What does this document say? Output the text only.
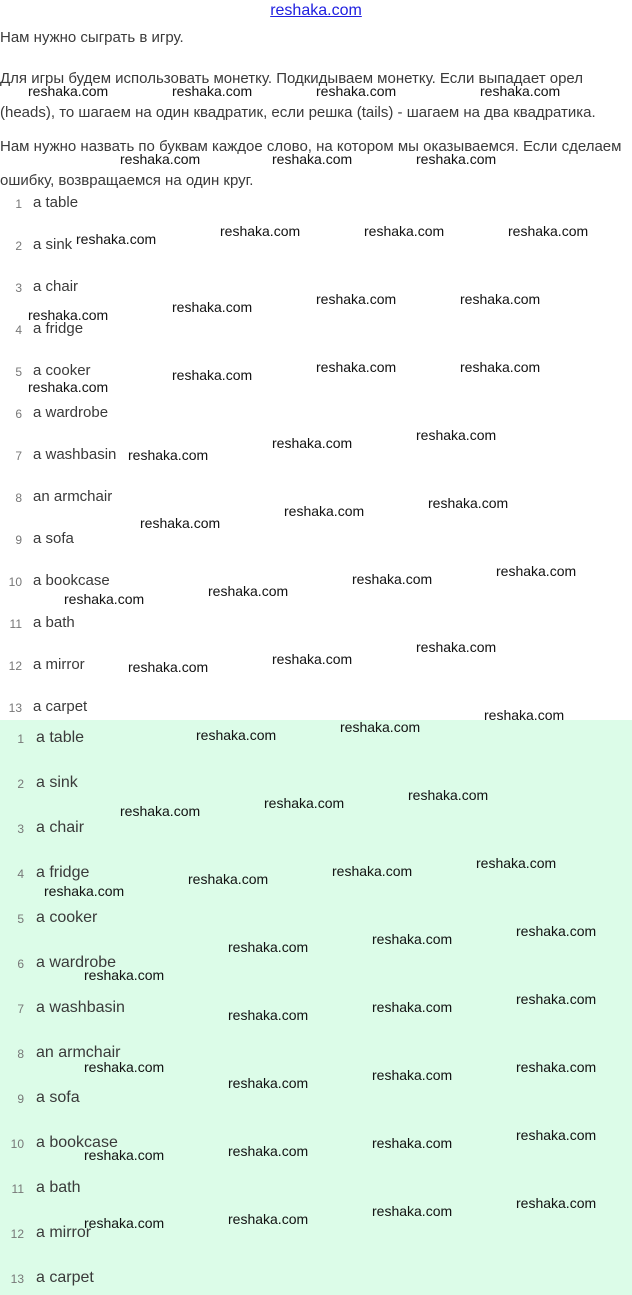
reshaka.com

Нам нужно сыграть в игру.

Для игры будем использовать монетку. Подкидываем монетку. Если выпадает орел (heads), то шагаем на один квадратик, если решка (tails) - шагаем на два квадратика. Нам нужно назвать по буквам каждое слово, на котором мы оказываемся. Если сделаем ошибку, возвращаемся на один круг.

1 a table
2 a sink
3 a chair
4 a fridge
5 a cooker
6 a wardrobe
7 a washbasin
8 an armchair
9 a sofa
10 a bookcase
11 a bath
12 a mirror
13 a carpet
1 a table
2 a sink
3 a chair
4 a fridge
5 a cooker
6 a wardrobe
7 a washbasin
8 an armchair
9 a sofa
10 a bookcase
11 a bath
12 a mirror
13 a carpet
reshaka.com	reshaka.com	reshaka.com	reshaka.com
reshaka.com	reshaka.com	reshaka.com
reshaka.com	reshaka.com	reshaka.com	reshaka.com
reshaka.com	reshaka.com	reshaka.com	reshaka.com
reshaka.com	reshaka.com	reshaka.com
reshaka.com
reshaka.com	reshaka.com
reshaka.com
reshaka.com	reshaka.com
reshaka.com
reshaka.com	reshaka.com
reshaka.com
reshaka.com
reshaka.com
reshaka.com
reshaka.com
reshaka.com
reshaka.com
reshaka.com
reshaka.com
reshaka.com
reshaka.com
reshaka.com
reshaka.com
reshaka.com
reshaka.com
reshaka.com
reshaka.com
reshaka.com
reshaka.com
reshaka.com
reshaka.com
reshaka.com
reshaka.com	reshaka.com
reshaka.com
reshaka.com
reshaka.com
reshaka.com
reshaka.com
reshaka.com
reshaka.com
reshaka.com
reshaka.com
reshaka.com
